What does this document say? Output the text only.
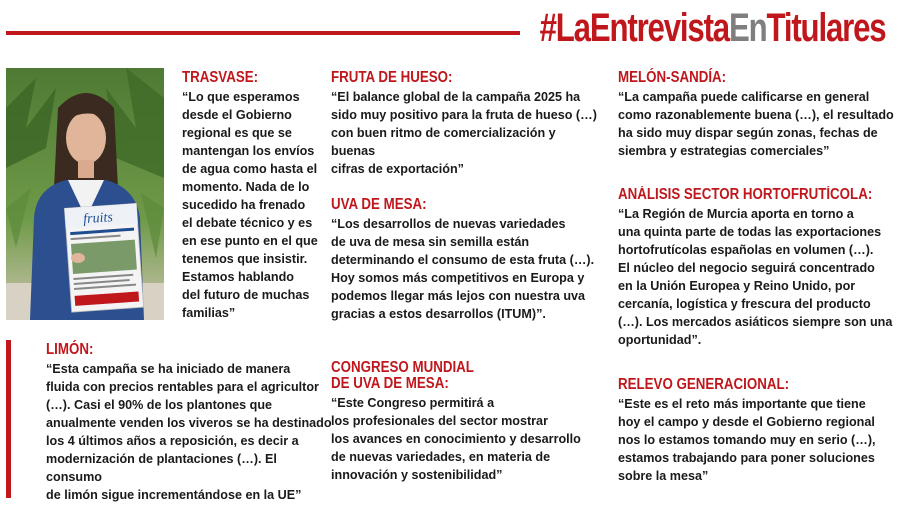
#LaEntrevistaEnTitulares
fruits
TRASVASE:

“Lo que esperamos
desde el Gobierno
regional es que se
mantengan los envíos
de agua como hasta el
momento. Nada de lo
sucedido ha frenado
el debate técnico y es
en ese punto en el que
tenemos que insistir.
Estamos hablando
del futuro de muchas
familias”

LIMÓN:

“Esta campaña se ha iniciado de manera
fluida con precios rentables para el agricultor
(…). Casi el 90% de los plantones que
anualmente venden los viveros se ha destinado
los 4 últimos años a reposición, es decir a
modernización de plantaciones (…). El consumo
de limón sigue incrementándose en la UE”

FRUTA DE HUESO:

“El balance global de la campaña 2025 ha
sido muy positivo para la fruta de hueso (…)
con buen ritmo de comercialización y buenas
cifras de exportación”

UVA DE MESA:

“Los desarrollos de nuevas variedades
de uva de mesa sin semilla están
determinando el consumo de esta fruta (…).
Hoy somos más competitivos en Europa y
podemos llegar más lejos con nuestra uva
gracias a estos desarrollos (ITUM)”.

CONGRESO MUNDIAL
DE UVA DE MESA:

“Este Congreso permitirá a
los profesionales del sector mostrar
los avances en conocimiento y desarrollo
de nuevas variedades, en materia de
innovación y sostenibilidad”

MELÓN-SANDÍA:

“La campaña puede calificarse en general
como razonablemente buena (…), el resultado
ha sido muy dispar según zonas, fechas de
siembra y estrategias comerciales”

ANÁLISIS SECTOR HORTOFRUTÍCOLA:

“La Región de Murcia aporta en torno a
una quinta parte de todas las exportaciones
hortofrutícolas españolas en volumen (…).
El núcleo del negocio seguirá concentrado
en la Unión Europea y Reino Unido, por
cercanía, logística y frescura del producto
(…). Los mercados asiáticos siempre son una
oportunidad”.

RELEVO GENERACIONAL:

“Este es el reto más importante que tiene
hoy el campo y desde el Gobierno regional
nos lo estamos tomando muy en serio (…),
estamos trabajando para poner soluciones
sobre la mesa”
